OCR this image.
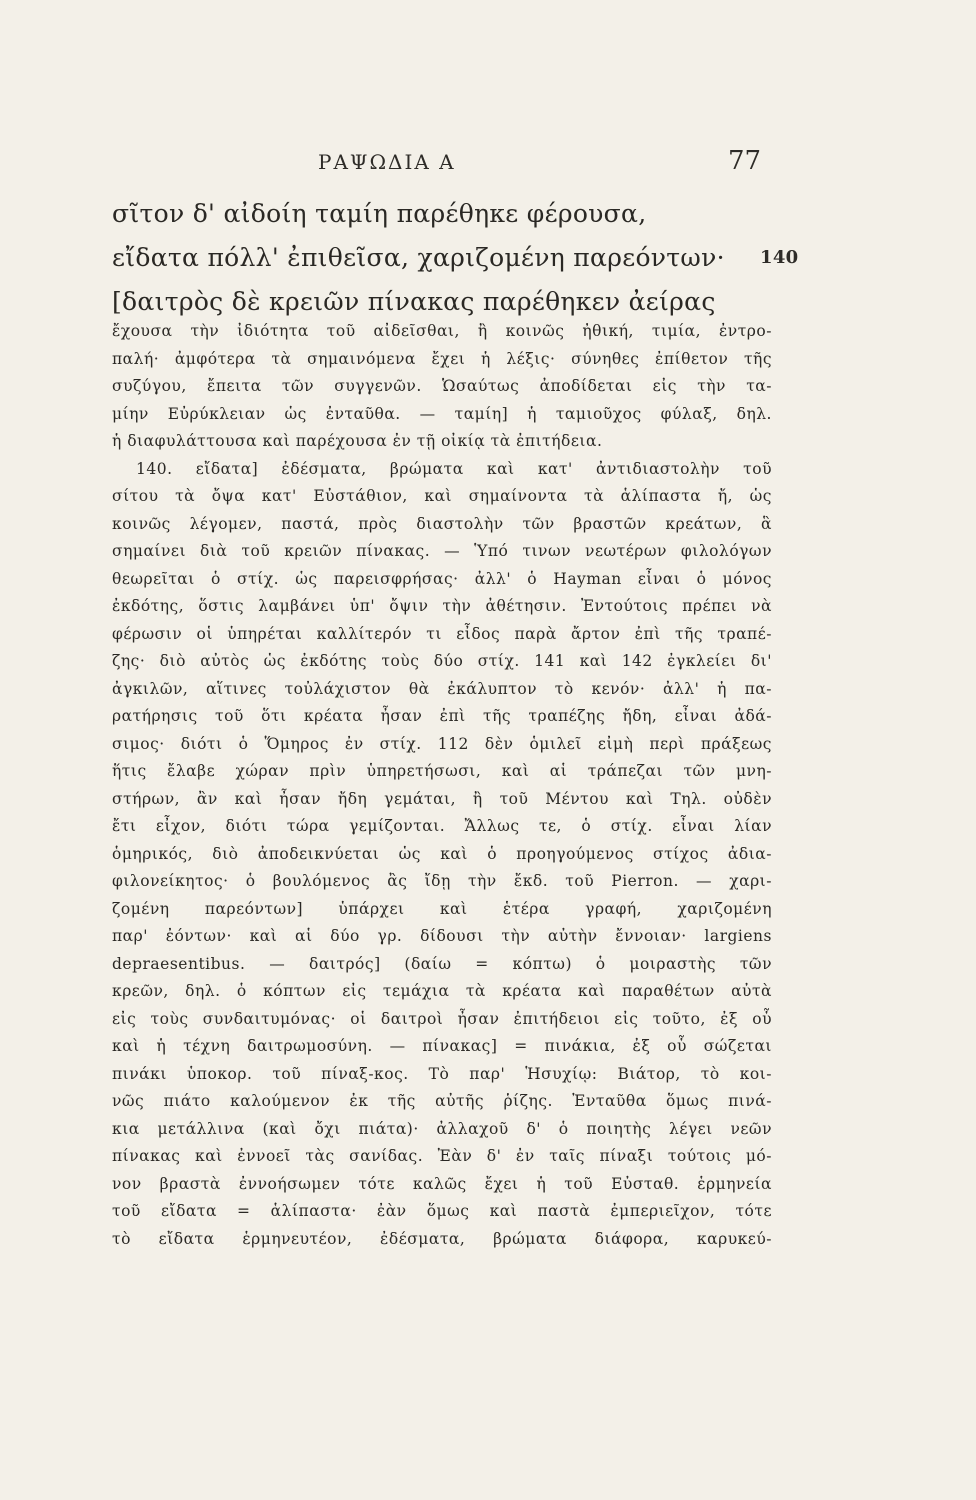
ΡΑΨΩΔΙΑ Α	77
σῖτον δ' αἰδοίη ταμίη παρέθηκε φέρουσα,
εἴδατα πόλλ' ἐπιθεῖσα, χαριζομένη παρεόντων· 140
[δαιτρὸς δὲ κρειῶν πίνακας παρέθηκεν ἀείρας
ἔχουσα τὴν ἰδιότητα τοῦ αἰδεῖσθαι, ἢ κοινῶς ἠθική, τιμία, ἐντρο-
παλή· ἀμφότερα τὰ σημαινόμενα ἔχει ἡ λέξις· σύνηθες ἐπίθετον τῆς
συζύγου, ἔπειτα τῶν συγγενῶν. Ὡσαύτως ἀποδίδεται εἰς τὴν τα-
μίην Εὐρύκλειαν ὡς ἐνταῦθα. — ταμίη] ἡ ταμιοῦχος φύλαξ, δηλ.
ἡ διαφυλάττουσα καὶ παρέχουσα ἐν τῇ οἰκίᾳ τὰ ἐπιτήδεια.
140. εἴδατα] ἐδέσματα, βρώματα καὶ κατ' ἀντιδιαστολὴν τοῦ
σίτου τὰ ὄψα κατ' Εὐστάθιον, καὶ σημαίνοντα τὰ ἁλίπαστα ἤ, ὡς
κοινῶς λέγομεν, παστά, πρὸς διαστολὴν τῶν βραστῶν κρεάτων, ἃ
σημαίνει διὰ τοῦ κρειῶν πίνακας. — Ὑπό τινων νεωτέρων φιλολόγων
θεωρεῖται ὁ στίχ. ὡς παρεισφρήσας· ἀλλ' ὁ Hayman εἶναι ὁ μόνος
ἐκδότης, ὅστις λαμβάνει ὑπ' ὄψιν τὴν ἀθέτησιν. Ἐντούτοις πρέπει νὰ
φέρωσιν οἱ ὑπηρέται καλλίτερόν τι εἶδος παρὰ ἄρτον ἐπὶ τῆς τραπέ-
ζης· διὸ αὐτὸς ὡς ἐκδότης τοὺς δύο στίχ. 141 καὶ 142 ἐγκλείει δι'
ἀγκιλῶν, αἵτινες τοὐλάχιστον θὰ ἐκάλυπτον τὸ κενόν· ἀλλ' ἡ πα-
ρατήρησις τοῦ ὅτι κρέατα ἦσαν ἐπὶ τῆς τραπέζης ἤδη, εἶναι ἀδά-
σιμος· διότι ὁ Ὅμηρος ἐν στίχ. 112 δὲν ὁμιλεῖ εἰμὴ περὶ πράξεως
ἥτις ἔλαβε χώραν πρὶν ὑπηρετήσωσι, καὶ αἱ τράπεζαι τῶν μνη-
στήρων, ἂν καὶ ἦσαν ἤδη γεμάται, ἢ τοῦ Μέντου καὶ Τηλ. οὐδὲν
ἔτι εἶχον, διότι τώρα γεμίζονται. Ἄλλως τε, ὁ στίχ. εἶναι λίαν
ὁμηρικός, διὸ ἀποδεικνύεται ὡς καὶ ὁ προηγούμενος στίχος ἀδια-
φιλονείκητος· ὁ βουλόμενος ἂς ἴδῃ τὴν ἔκδ. τοῦ Pierron. — χαρι-
ζομένη παρεόντων] ὑπάρχει καὶ ἑτέρα γραφή, χαριζομένη
παρ' ἐόντων· καὶ αἱ δύο γρ. δίδουσι τὴν αὐτὴν ἔννοιαν· largiens
depraesentibus. — δαιτρός] (δαίω = κόπτω) ὁ μοιραστὴς τῶν
κρεῶν, δηλ. ὁ κόπτων εἰς τεμάχια τὰ κρέατα καὶ παραθέτων αὐτὰ
εἰς τοὺς συνδαιτυμόνας· οἱ δαιτροὶ ἦσαν ἐπιτήδειοι εἰς τοῦτο, ἐξ οὗ
καὶ ἡ τέχνη δαιτρωμοσύνη. — πίνακας] = πινάκια, ἐξ οὗ σώζεται
πινάκι ὑποκορ. τοῦ πίναξ-κος. Τὸ παρ' Ἡσυχίῳ: Βιάτορ, τὸ κοι-
νῶς πιάτο καλούμενον ἐκ τῆς αὐτῆς ῥίζης. Ἐνταῦθα ὅμως πινά-
κια μετάλλινα (καὶ ὄχι πιάτα)· ἀλλαχοῦ δ' ὁ ποιητὴς λέγει νεῶν
πίνακας καὶ ἐννοεῖ τὰς σανίδας. Ἐὰν δ' ἐν ταῖς πίναξι τούτοις μό-
νον βραστὰ ἐννοήσωμεν τότε καλῶς ἔχει ἡ τοῦ Εὐσταθ. ἑρμηνεία
τοῦ εἴδατα = ἁλίπαστα· ἐὰν ὅμως καὶ παστὰ ἐμπεριεῖχον, τότε
τὸ εἴδατα ἑρμηνευτέον, ἐδέσματα, βρώματα διάφορα, καρυκεύ-
